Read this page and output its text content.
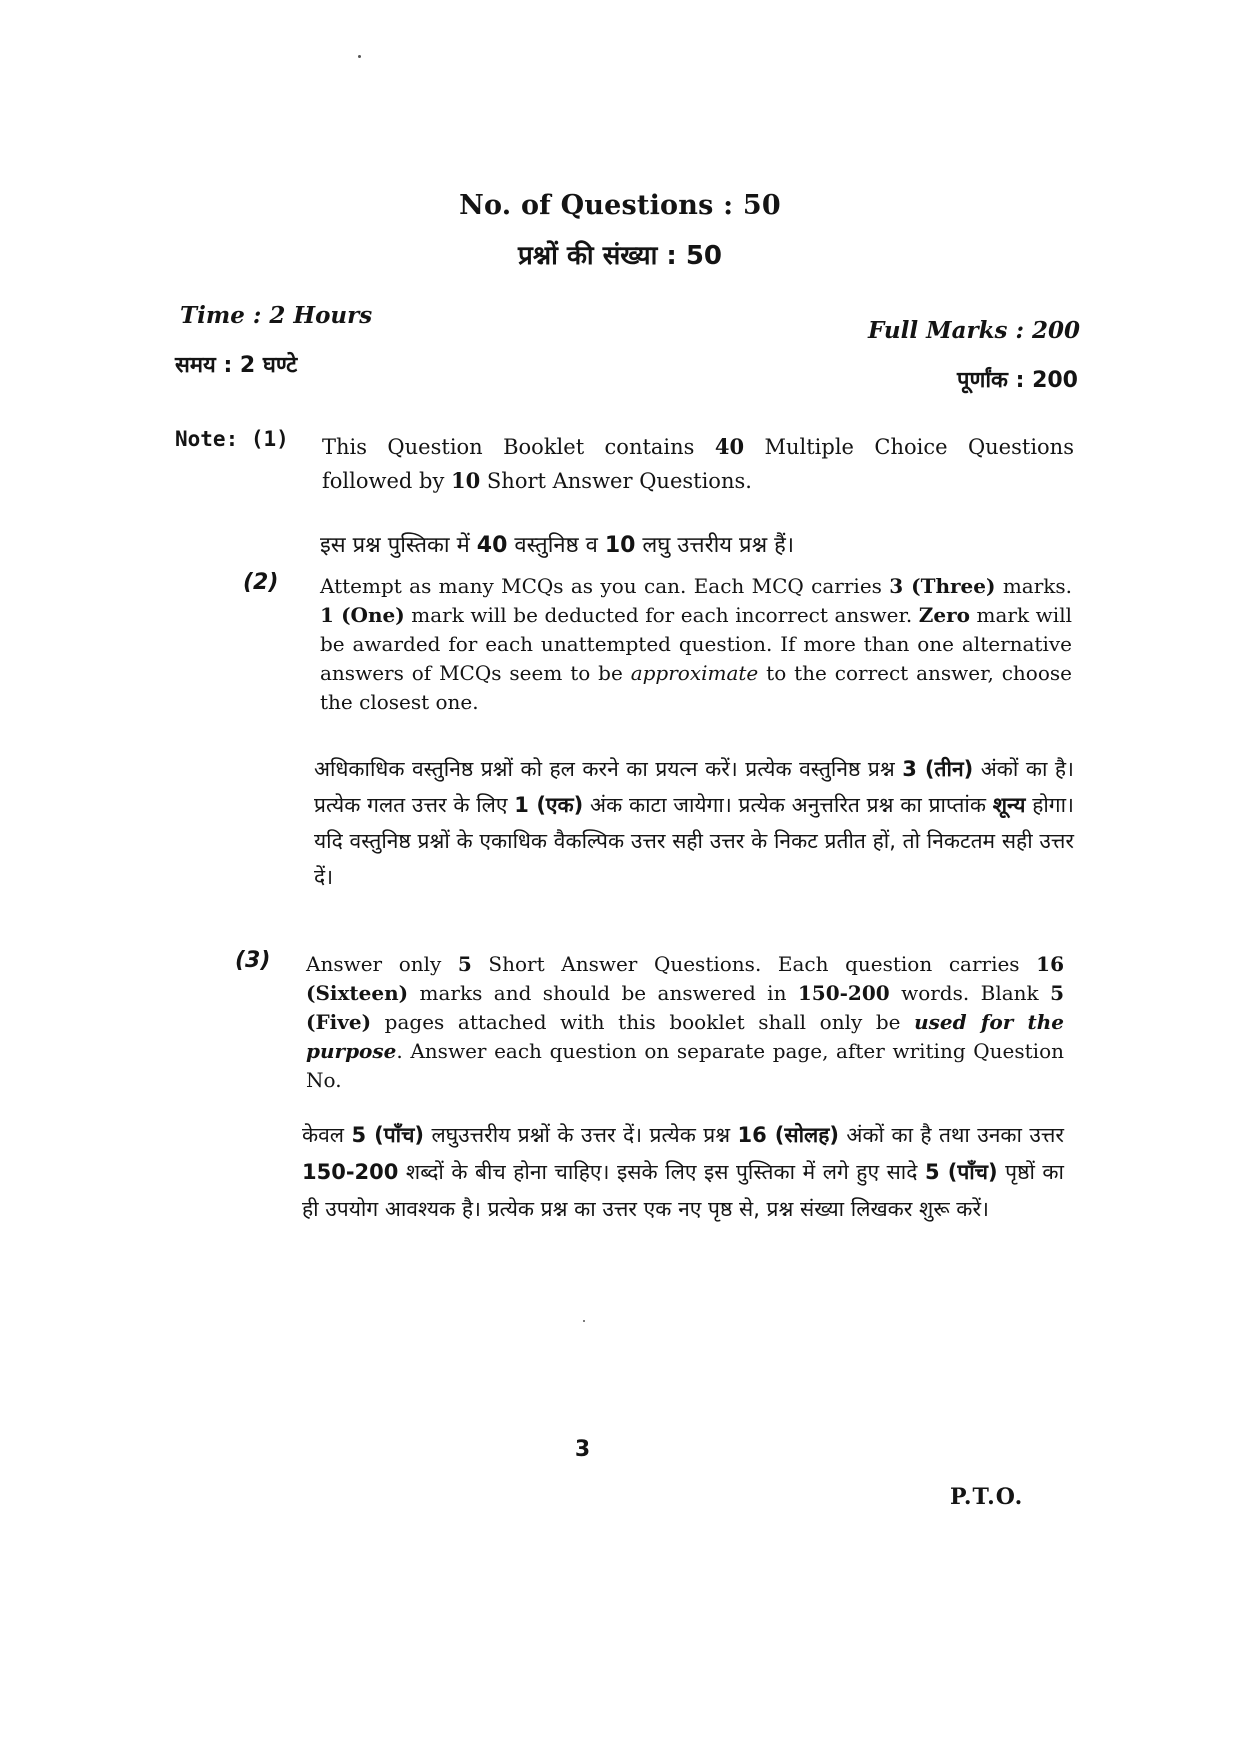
No. of Questions : 50
प्रश्नों की संख्या : 50
Time : 2 Hours
समय : 2 घण्टे
Full Marks : 200
पूर्णांक : 200
Note: (1) This Question Booklet contains 40 Multiple Choice Questions followed by 10 Short Answer Questions.
इस प्रश्न पुस्तिका में 40 वस्तुनिष्ठ व 10 लघु उत्तरीय प्रश्न हैं।
(2) Attempt as many MCQs as you can. Each MCQ carries 3 (Three) marks. 1 (One) mark will be deducted for each incorrect answer. Zero mark will be awarded for each unattempted question. If more than one alternative answers of MCQs seem to be approximate to the correct answer, choose the closest one.
अधिकाधिक वस्तुनिष्ठ प्रश्नों को हल करने का प्रयत्न करें। प्रत्येक वस्तुनिष्ठ प्रश्न 3 (तीन) अंकों का है। प्रत्येक गलत उत्तर के लिए 1 (एक) अंक काटा जायेगा। प्रत्येक अनुत्तरित प्रश्न का प्राप्तांक शून्य होगा। यदि वस्तुनिष्ठ प्रश्नों के एकाधिक वैकल्पिक उत्तर सही उत्तर के निकट प्रतीत हों, तो निकटतम सही उत्तर दें।
(3) Answer only 5 Short Answer Questions. Each question carries 16 (Sixteen) marks and should be answered in 150-200 words. Blank 5 (Five) pages attached with this booklet shall only be used for the purpose. Answer each question on separate page, after writing Question No.
केवल 5 (पाँच) लघुउत्तरीय प्रश्नों के उत्तर दें। प्रत्येक प्रश्न 16 (सोलह) अंकों का है तथा उनका उत्तर 150-200 शब्दों के बीच होना चाहिए। इसके लिए इस पुस्तिका में लगे हुए सादे 5 (पाँच) पृष्ठों का ही उपयोग आवश्यक है। प्रत्येक प्रश्न का उत्तर एक नए पृष्ठ से, प्रश्न संख्या लिखकर शुरू करें।
3
P.T.O.
